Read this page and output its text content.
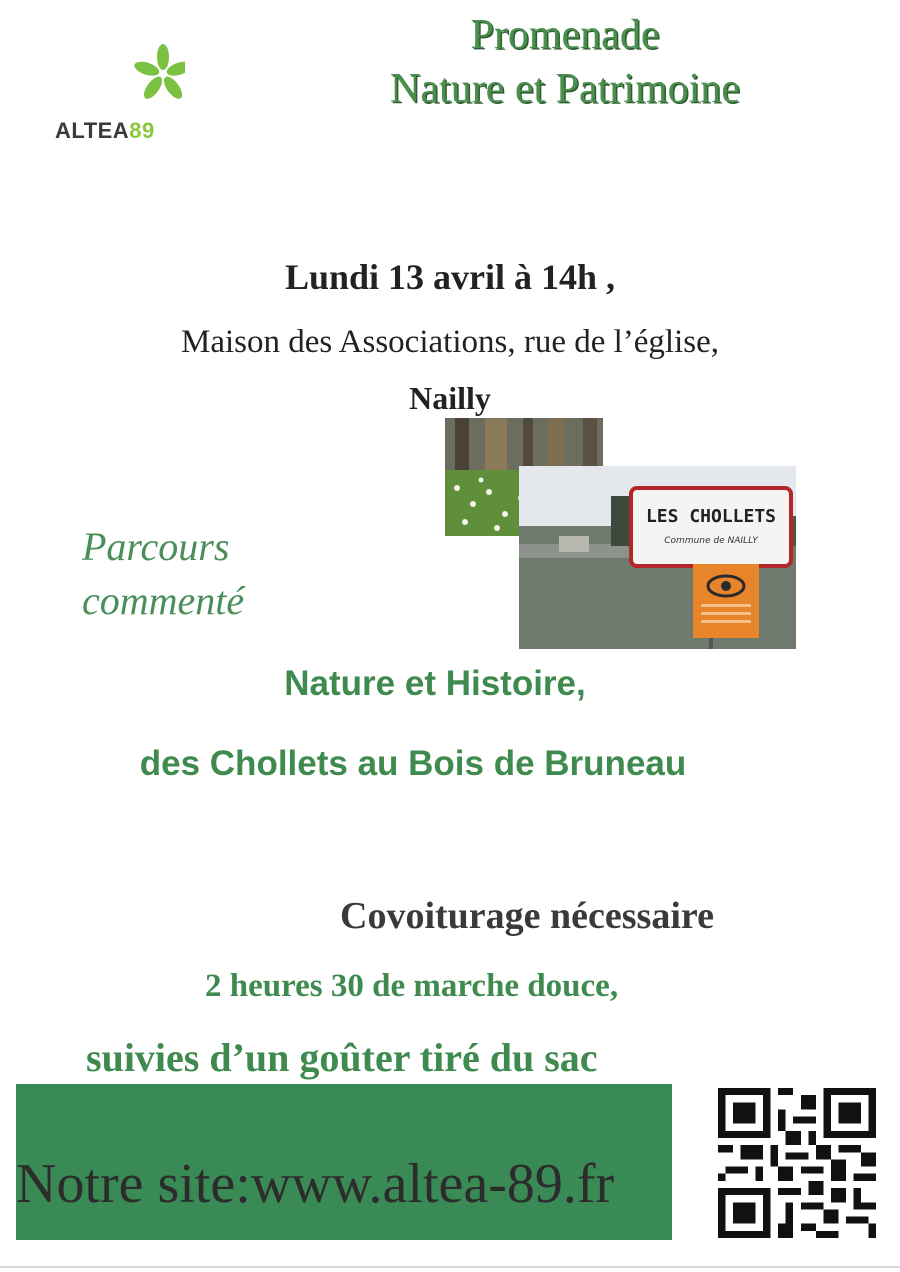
ALTEA89
Promenade
Nature et Patrimoine
Lundi 13 avril à 14h ,
Maison des Associations, rue de l’église,
Nailly
LES CHOLLETS
Commune de NAILLY
Parcours
commenté
Nature et Histoire,
des Chollets au Bois de Bruneau
Covoiturage nécessaire
2 heures 30 de marche douce,
suivies d’un goûter tiré du sac
Notre site:www.altea-89.fr
